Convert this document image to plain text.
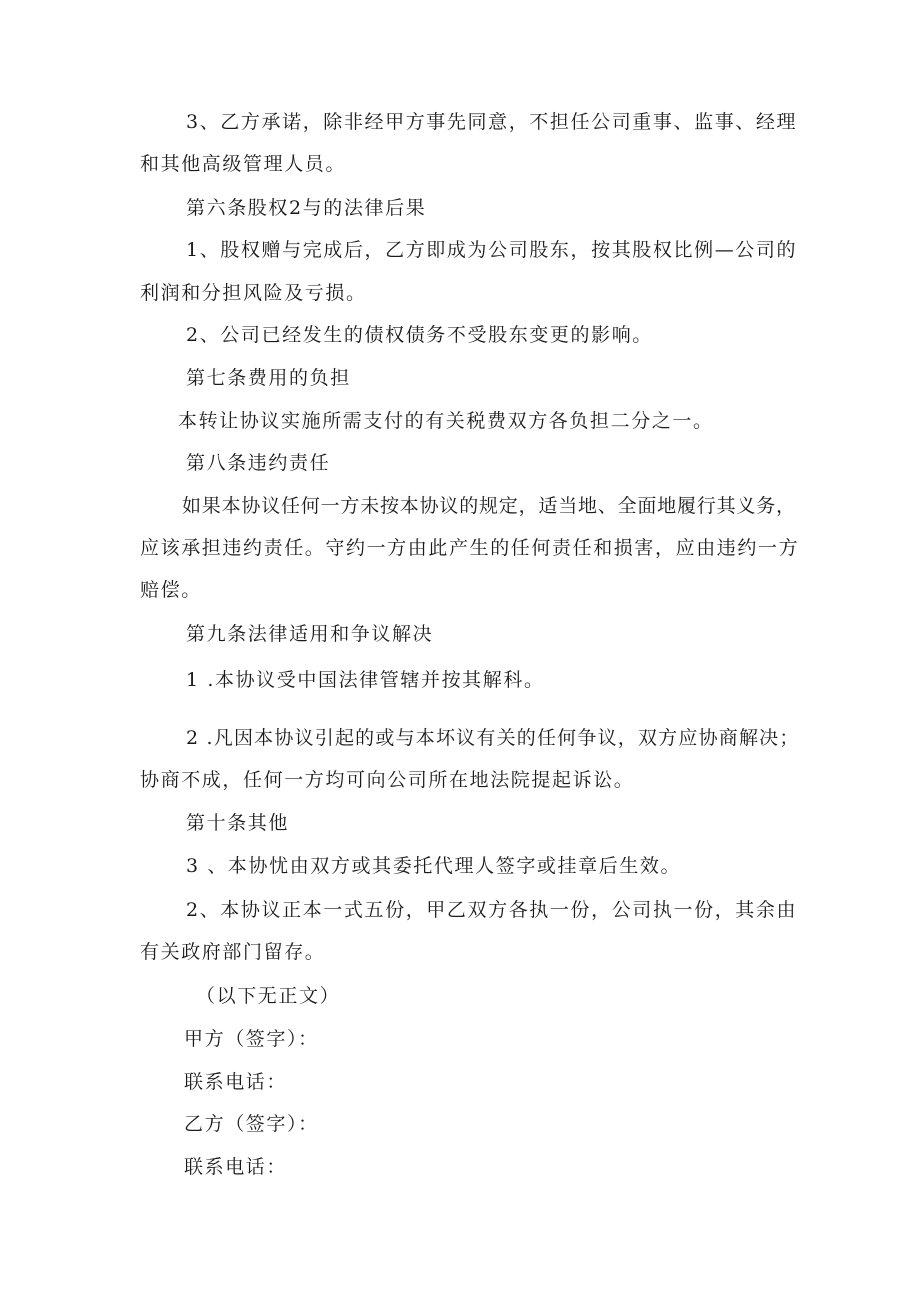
3、乙方承诺，除非经甲方事先同意，不担任公司重事、监事、经理
和其他高级管理人员。
第六条股权2与的法律后果
1、股权赠与完成后，乙方即成为公司股东，按其股权比例—公司的
利润和分担风险及亏损。
2、公司已经发生的债权债务不受股东变更的影响。
第七条费用的负担
本转让协议实施所需支付的有关税费双方各负担二分之一。
第八条违约责任
如果本协议任何一方未按本协议的规定，适当地、全面地履行其义务，
应该承担违约责任。守约一方由此产生的任何责任和损害，应由违约一方
赔偿。
第九条法律适用和争议解决
1 .本协议受中国法律管辖并按其解科。
2 .凡因本协议引起的或与本坏议有关的任何争议，双方应协商解决；
协商不成，任何一方均可向公司所在地法院提起诉讼。
第十条其他
3 、本协忧由双方或其委托代理人签字或挂章后生效。
2、本协议正本一式五份，甲乙双方各执一份，公司执一份，其余由
有关政府部门留存。
（以下无正文）
甲方（签字）：
联系电话：
乙方（签字）：
联系电话：
